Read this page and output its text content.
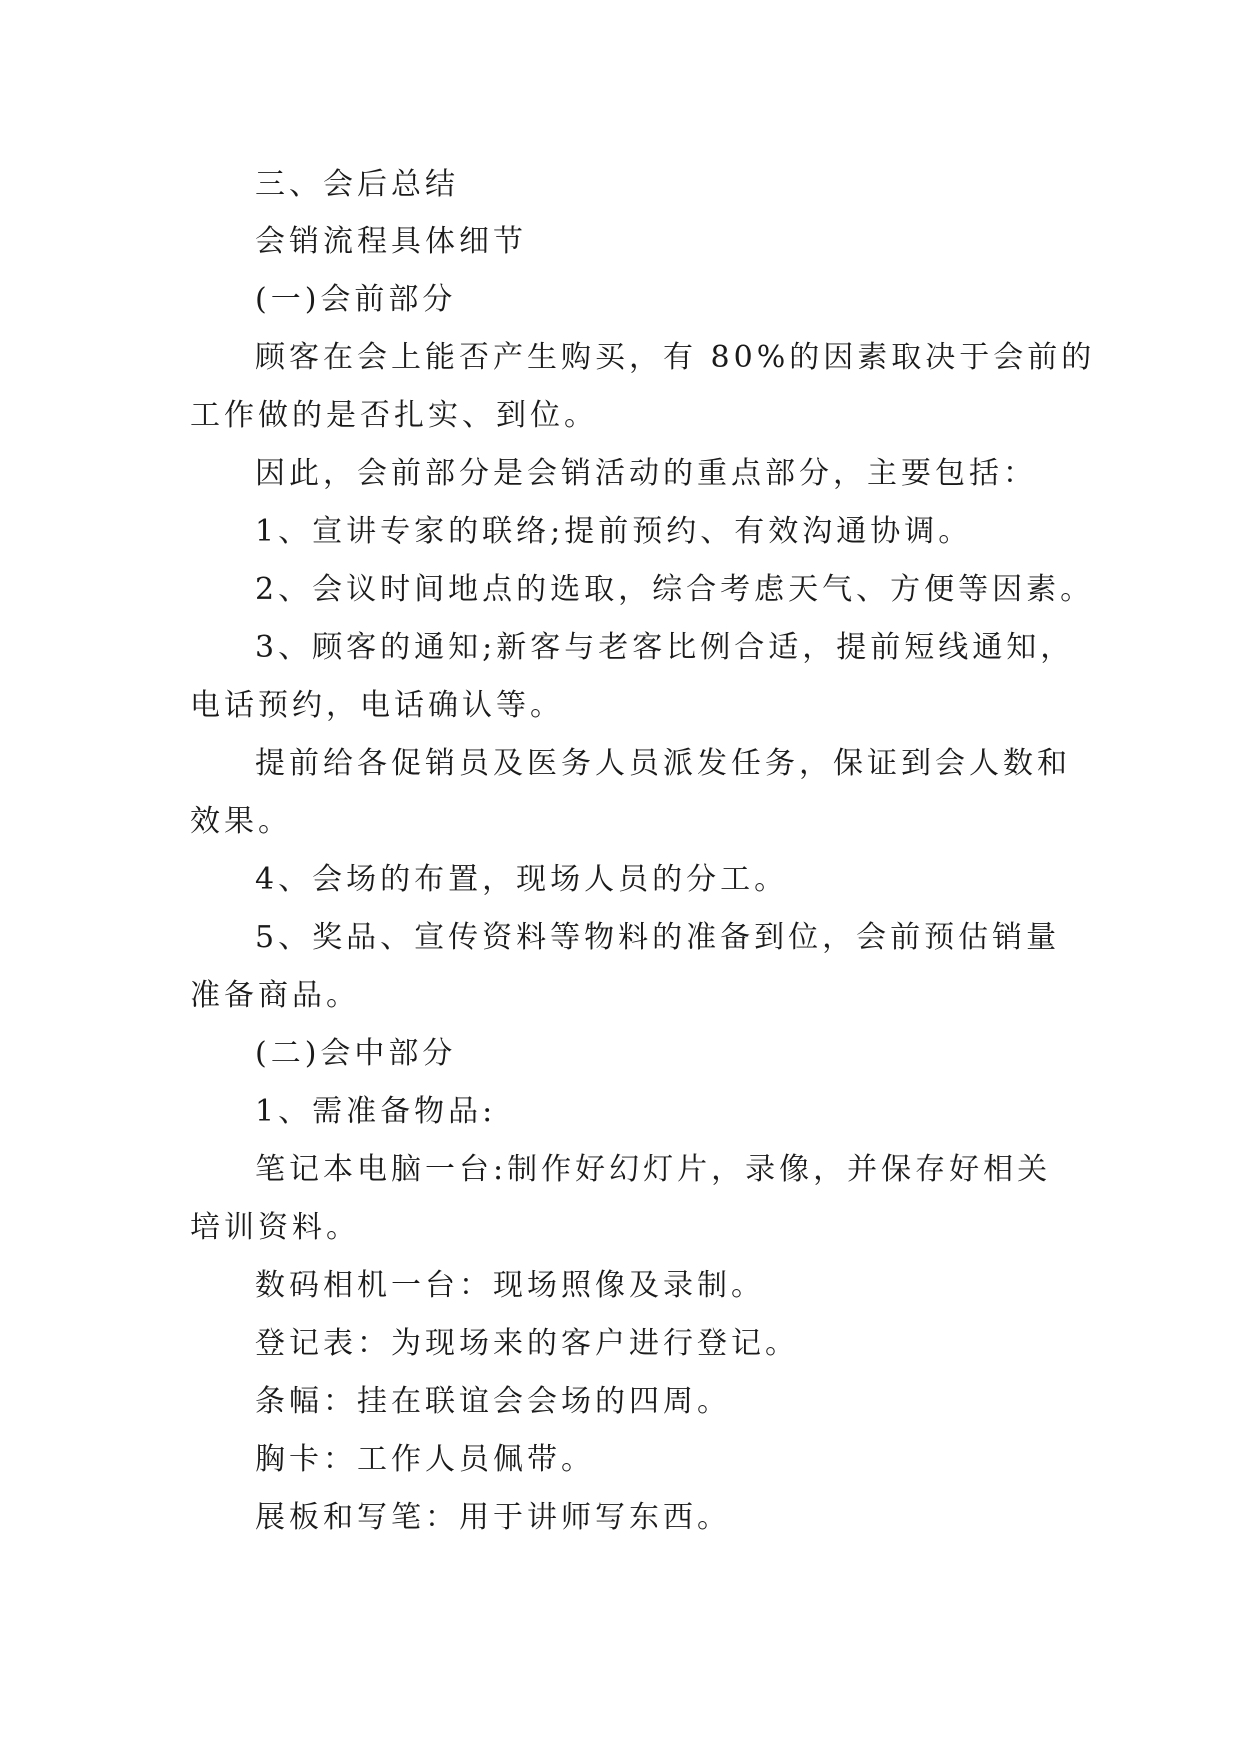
三、会后总结
会销流程具体细节
(一)会前部分
顾客在会上能否产生购买，有 80%的因素取决于会前的
工作做的是否扎实、到位。
因此，会前部分是会销活动的重点部分，主要包括：
1、宣讲专家的联络;提前预约、有效沟通协调。
2、会议时间地点的选取，综合考虑天气、方便等因素。
3、顾客的通知;新客与老客比例合适，提前短线通知，
电话预约，电话确认等。
提前给各促销员及医务人员派发任务，保证到会人数和
效果。
4、会场的布置，现场人员的分工。
5、奖品、宣传资料等物料的准备到位，会前预估销量
准备商品。
(二)会中部分
1、需准备物品:
笔记本电脑一台:制作好幻灯片，录像，并保存好相关
培训资料。
数码相机一台：现场照像及录制。
登记表：为现场来的客户进行登记。
条幅：挂在联谊会会场的四周。
胸卡：工作人员佩带。
展板和写笔：用于讲师写东西。
